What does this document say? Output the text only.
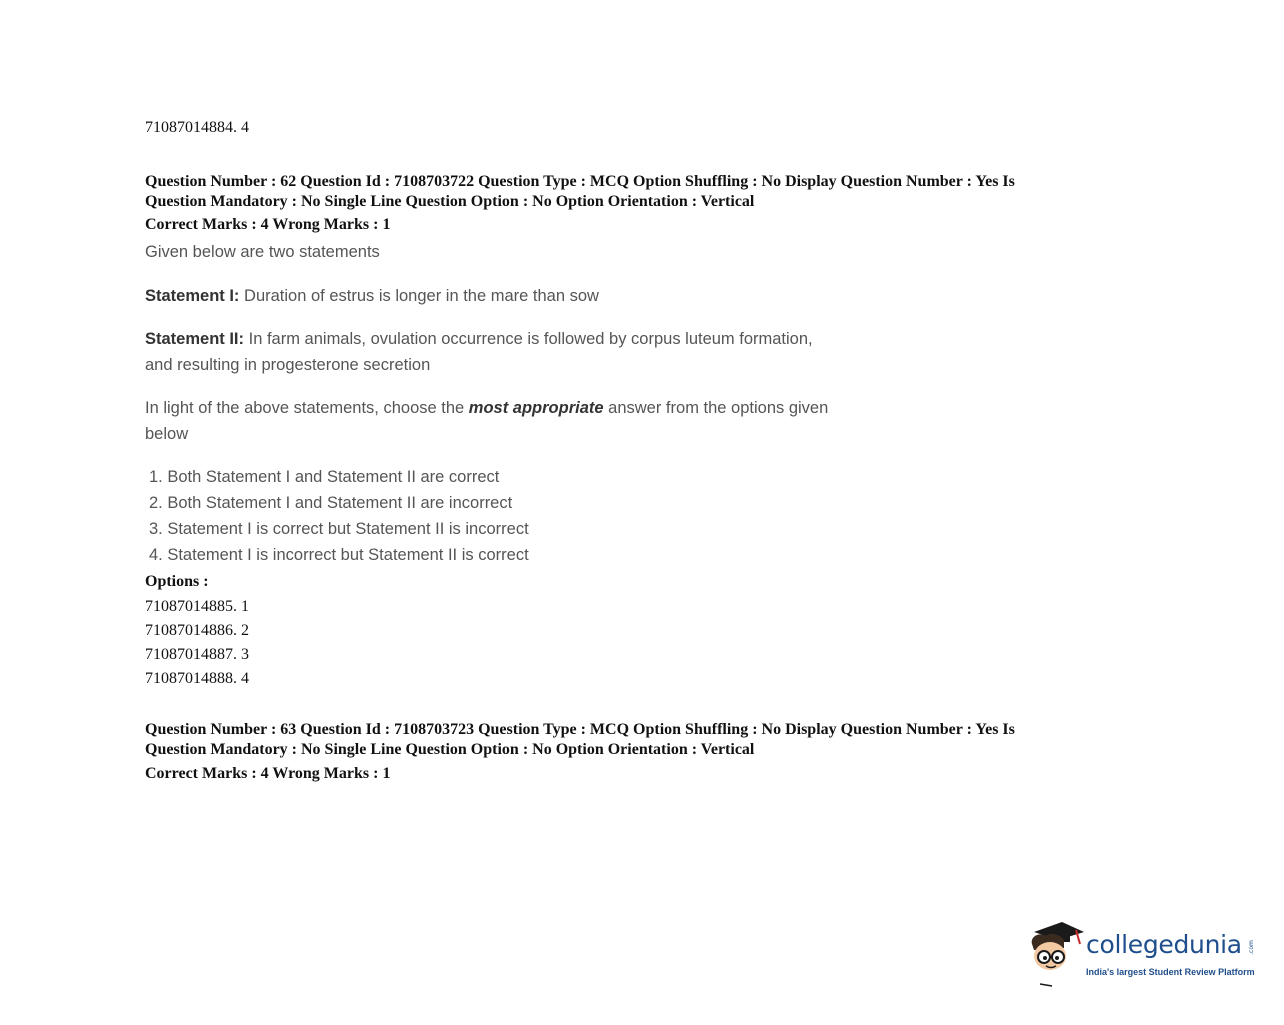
71087014884. 4
Question Number : 62 Question Id : 7108703722 Question Type : MCQ Option Shuffling : No Display Question Number : Yes Is
Question Mandatory : No Single Line Question Option : No Option Orientation : Vertical
Correct Marks : 4 Wrong Marks : 1
Given below are two statements
Statement I: Duration of estrus is longer in the mare than sow
Statement II: In farm animals, ovulation occurrence is followed by corpus luteum formation,
and resulting in progesterone secretion
In light of the above statements, choose the most appropriate answer from the options given
below
1. Both Statement I and Statement II are correct
2. Both Statement I and Statement II are incorrect
3. Statement I is correct but Statement II is incorrect
4. Statement I is incorrect but Statement II is correct
Options :
71087014885. 1
71087014886. 2
71087014887. 3
71087014888. 4
Question Number : 63 Question Id : 7108703723 Question Type : MCQ Option Shuffling : No Display Question Number : Yes Is
Question Mandatory : No Single Line Question Option : No Option Orientation : Vertical
Correct Marks : 4 Wrong Marks : 1
collegedunia .com
India's largest Student Review Platform
